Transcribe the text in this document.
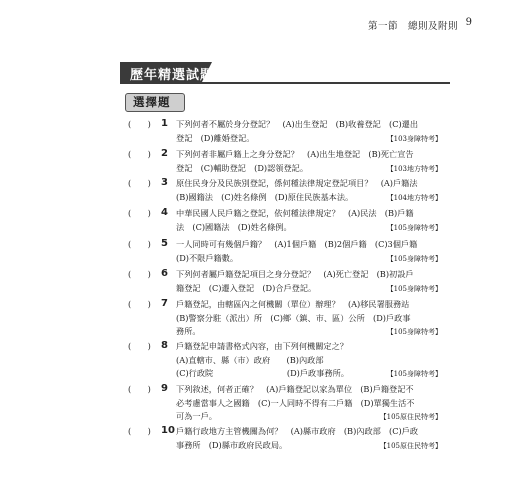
第一節　總則及附則 9
歷年精選試題
選擇題
(　　)	1 下列何者不屬於身分登記？　(A)出生登記　(B)收養登記　(C)遷出
登記　(D)離婚登記。	【103身障特考】
(　　)	2 下列何者非屬戶籍上之身分登記？　(A)出生地登記　(B)死亡宣告
登記　(C)輔助登記　(D)認領登記。	【103地方特考】
(　　)	3 原住民身分及民族別登記，係何種法律規定登記項目？　(A)戶籍法
(B)國籍法　(C)姓名條例　(D)原住民族基本法。	【104地方特考】
(　　)	4 中華民國人民戶籍之登記，依何種法律規定？　(A)民法　(B)戶籍
法　(C)國籍法　(D)姓名條例。	【105身障特考】
(　　)	5 一人同時可有幾個戶籍？　(A)1個戶籍　(B)2個戶籍　(C)3個戶籍
(D)不限戶籍數。	【105身障特考】
(　　)	6 下列何者屬戶籍登記項目之身分登記？　(A)死亡登記　(B)初設戶
籍登記　(C)遷入登記　(D)合戶登記。	【105身障特考】
(　　)	7 戶籍登記，由轄區內之何機關（單位）辦理？　(A)移民署服務站
(B)警察分駐（派出）所　(C)鄉（鎮、市、區）公所　(D)戶政事
務所。	【105身障特考】
(　　)	8 戶籍登記申請書格式內容，由下列何機關定之？
(A)直轄市、縣（市）政府　　(B)內政部
(C)行政院　　　　　　　　　(D)戶政事務所。	【105身障特考】
(　　)	9 下列敘述，何者正確？　(A)戶籍登記以家為單位　(B)戶籍登記不
必考慮當事人之國籍　(C)一人同時不得有二戶籍　(D)單獨生活不
可為一戶。	【105原住民特考】
(　　)	10 戶籍行政地方主管機關為何？　(A)縣市政府　(B)內政部　(C)戶政
事務所　(D)縣市政府民政局。	【105原住民特考】
